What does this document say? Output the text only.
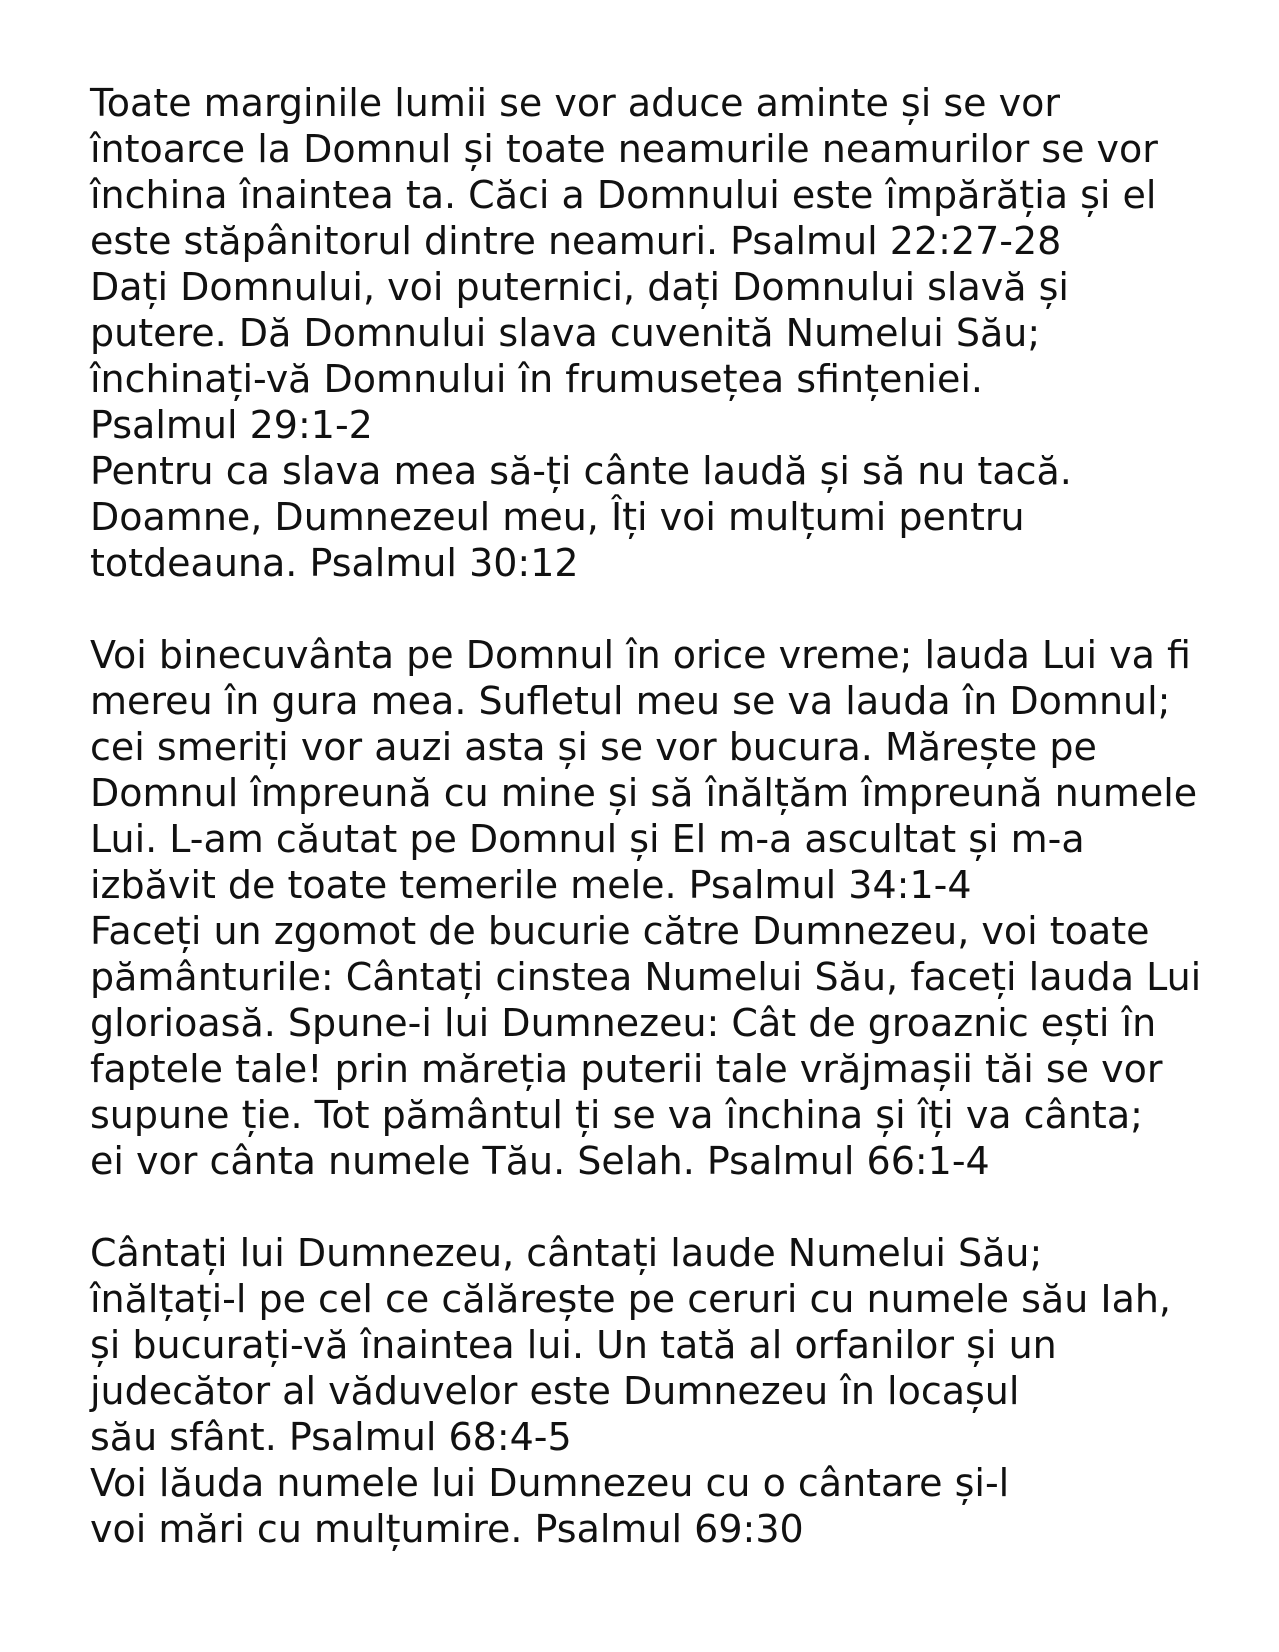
Toate marginile lumii se vor aduce aminte și se vor
întoarce la Domnul și toate neamurile neamurilor se vor
închina înaintea ta. Căci a Domnului este împărăția și el
este stăpânitorul dintre neamuri. Psalmul 22:27-28
Dați Domnului, voi puternici, dați Domnului slavă și
putere. Dă Domnului slava cuvenită Numelui Său;
închinați-vă Domnului în frumusețea sfințeniei.
Psalmul 29:1-2
Pentru ca slava mea să-ți cânte laudă și să nu tacă.
Doamne, Dumnezeul meu, Îți voi mulțumi pentru
totdeauna. Psalmul 30:12
Voi binecuvânta pe Domnul în orice vreme; lauda Lui va fi
mereu în gura mea. Sufletul meu se va lauda în Domnul;
cei smeriți vor auzi asta și se vor bucura. Mărește pe
Domnul împreună cu mine și să înălțăm împreună numele
Lui. L-am căutat pe Domnul și El m-a ascultat și m-a
izbăvit de toate temerile mele. Psalmul 34:1-4
Faceți un zgomot de bucurie către Dumnezeu, voi toate
pământurile: Cântați cinstea Numelui Său, faceți lauda Lui
glorioasă. Spune-i lui Dumnezeu: Cât de groaznic ești în
faptele tale! prin măreția puterii tale vrăjmașii tăi se vor
supune ție. Tot pământul ți se va închina și îți va cânta;
ei vor cânta numele Tău. Selah. Psalmul 66:1-4
Cântați lui Dumnezeu, cântați laude Numelui Său;
înălțați-l pe cel ce călărește pe ceruri cu numele său Iah,
și bucurați-vă înaintea lui. Un tată al orfanilor și un
judecător al văduvelor este Dumnezeu în locașul
său sfânt. Psalmul 68:4-5
Voi lăuda numele lui Dumnezeu cu o cântare și-l
voi mări cu mulțumire. Psalmul 69:30
